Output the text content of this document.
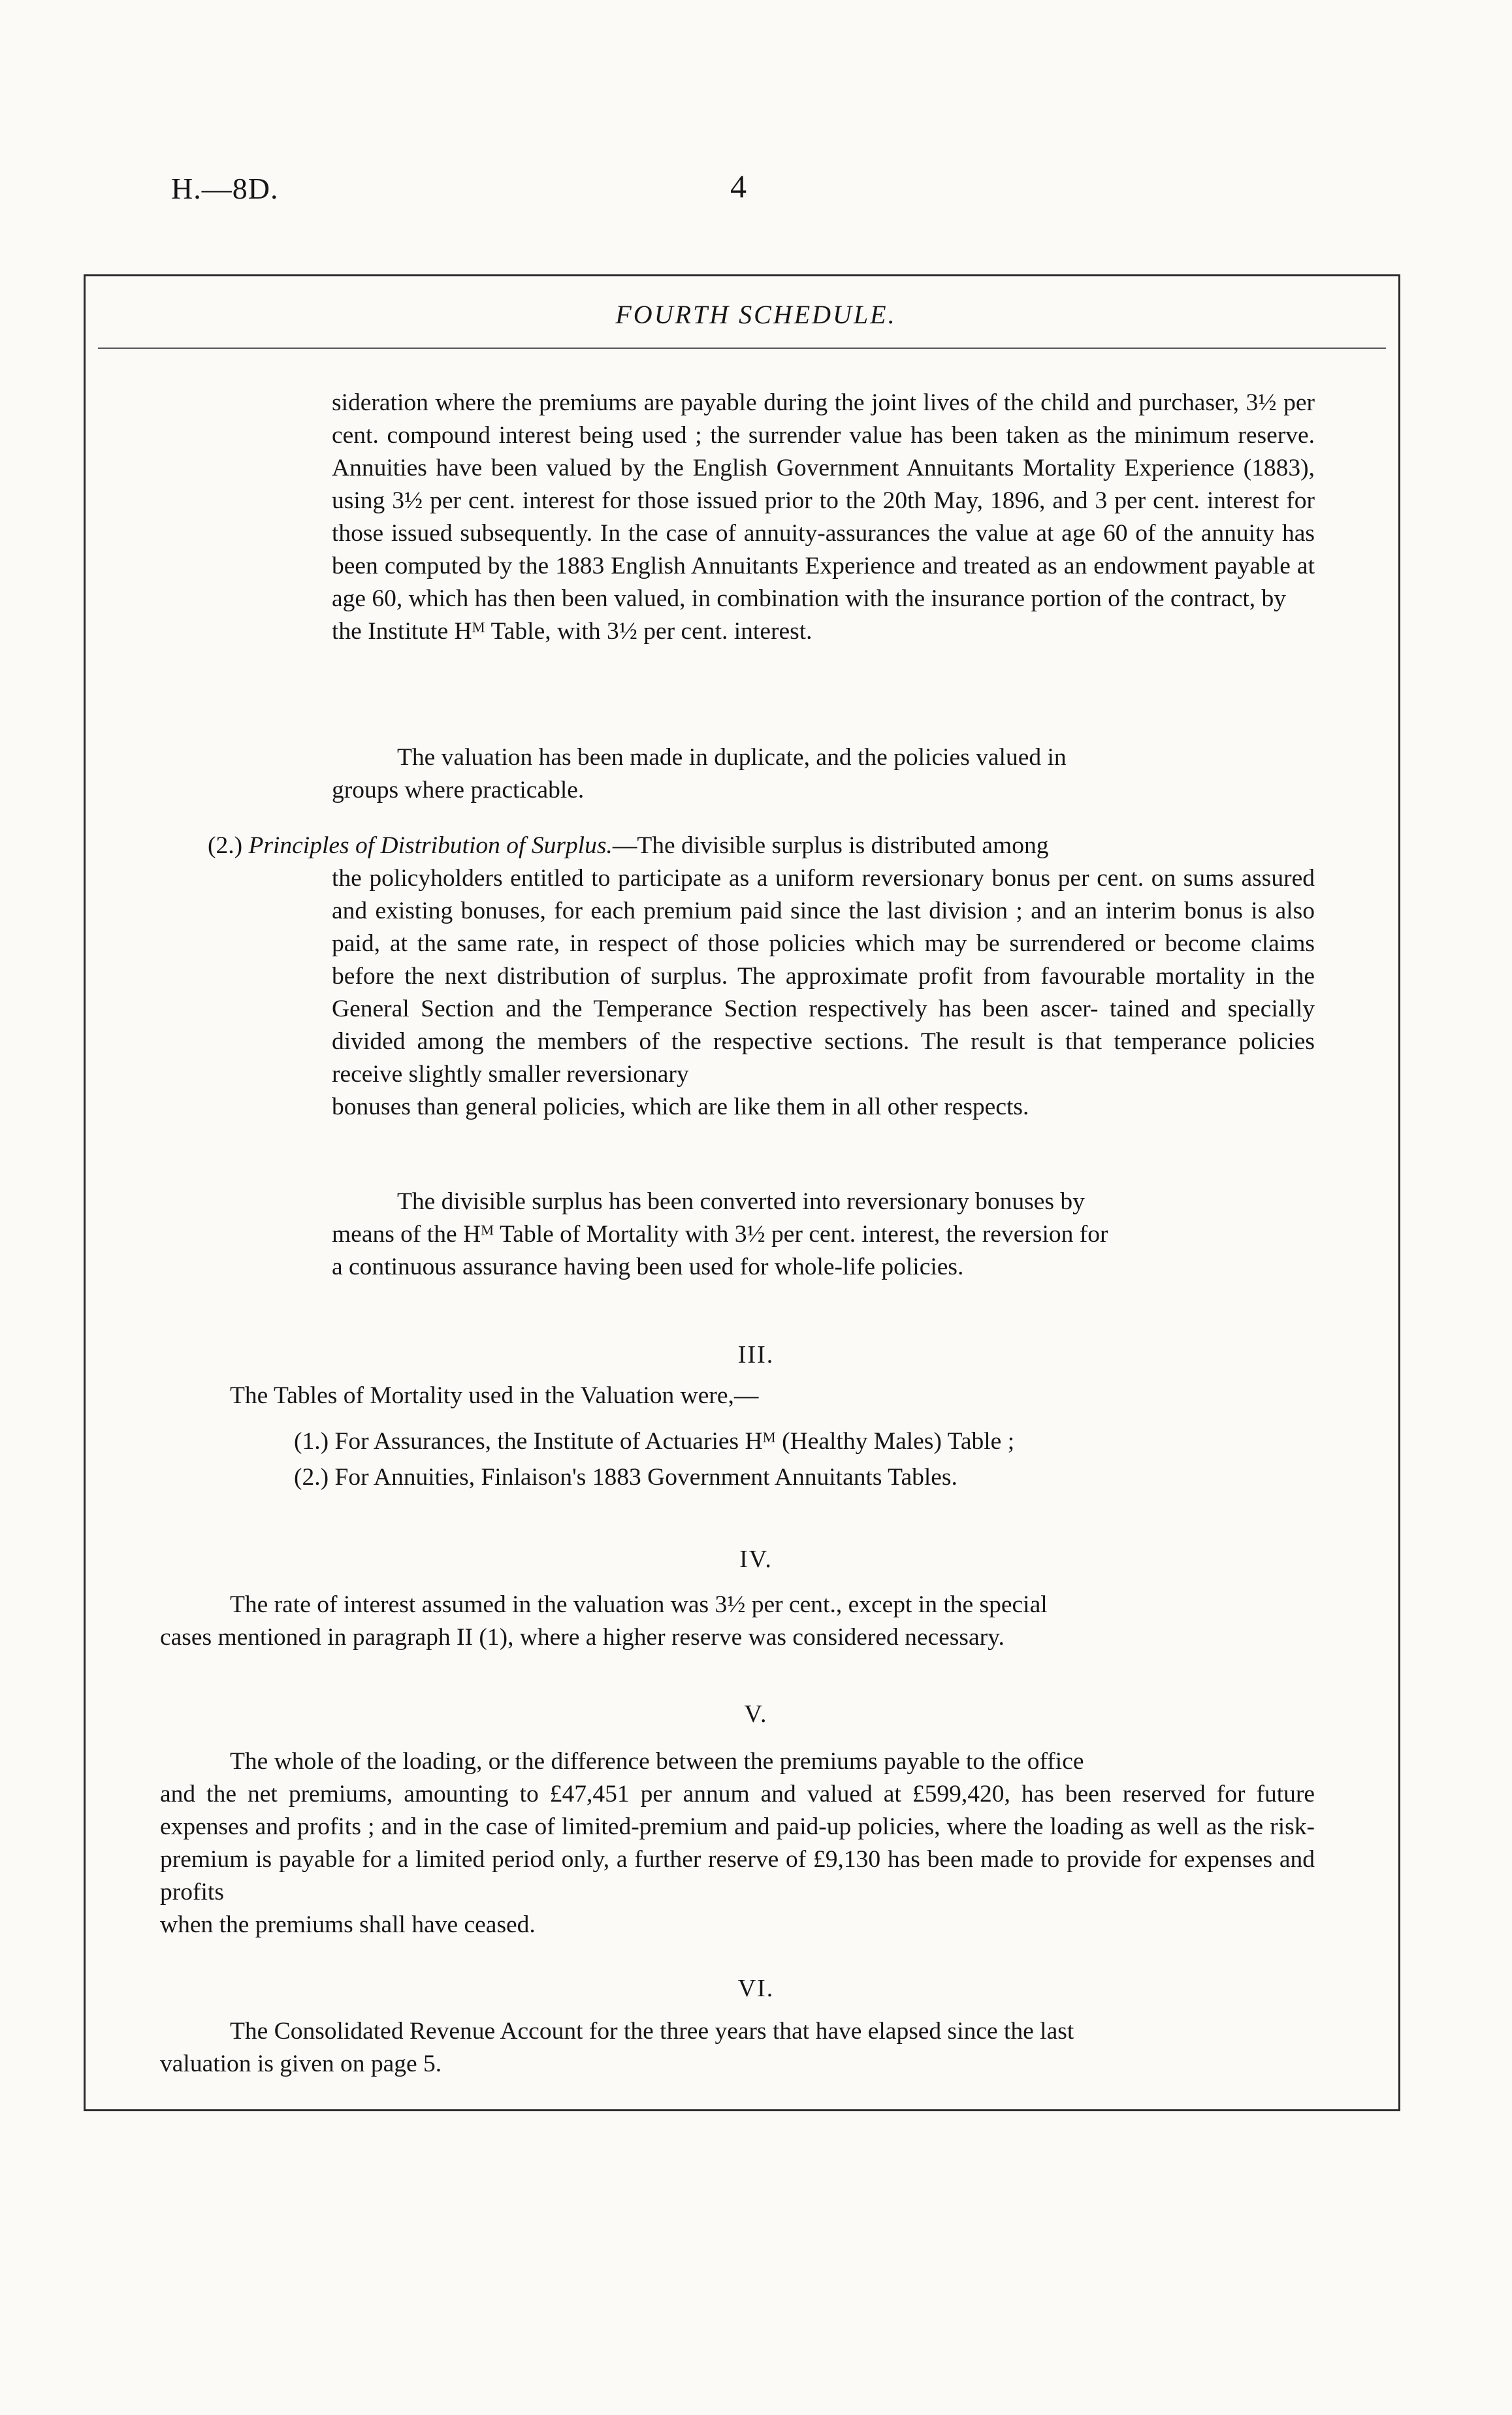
H.—8D.	4
FOURTH SCHEDULE.
sideration where the premiums are payable during the joint lives of the child and purchaser, 3½ per cent. compound interest being used ; the surrender value has been taken as the minimum reserve. Annuities have been valued by the English Government Annuitants Mortality Experience (1883), using 3½ per cent. interest for those issued prior to the 20th May, 1896, and 3 per cent. interest for those issued subsequently. In the case of annuity-assurances the value at age 60 of the annuity has been computed by the 1883 English Annuitants Experience and treated as an endowment payable at age 60, which has then been valued, in combination with the insurance portion of the contract, by
the Institute Hᴹ Table, with 3½ per cent. interest.
The valuation has been made in duplicate, and the policies valued in
groups where practicable.
(2.) Principles of Distribution of Surplus.—The divisible surplus is distributed among
the policyholders entitled to participate as a uniform reversionary bonus per cent. on sums assured and existing bonuses, for each premium paid since the last division ; and an interim bonus is also paid, at the same rate, in respect of those policies which may be surrendered or become claims before the next distribution of surplus. The approximate profit from favourable mortality in the General Section and the Temperance Section respectively has been ascer- tained and specially divided among the members of the respective sections. The result is that temperance policies receive slightly smaller reversionary
bonuses than general policies, which are like them in all other respects.
The divisible surplus has been converted into reversionary bonuses by
means of the Hᴹ Table of Mortality with 3½ per cent. interest, the reversion for
a continuous assurance having been used for whole-life policies.
III.
The Tables of Mortality used in the Valuation were,—
(1.) For Assurances, the Institute of Actuaries Hᴹ (Healthy Males) Table ;
(2.) For Annuities, Finlaison's 1883 Government Annuitants Tables.
IV.
The rate of interest assumed in the valuation was 3½ per cent., except in the special
cases mentioned in paragraph II (1), where a higher reserve was considered necessary.
V.
The whole of the loading, or the difference between the premiums payable to the office
and the net premiums, amounting to £47,451 per annum and valued at £599,420, has been reserved for future expenses and profits ; and in the case of limited-premium and paid-up policies, where the loading as well as the risk-premium is payable for a limited period only, a further reserve of £9,130 has been made to provide for expenses and profits
when the premiums shall have ceased.
VI.
The Consolidated Revenue Account for the three years that have elapsed since the last
valuation is given on page 5.
